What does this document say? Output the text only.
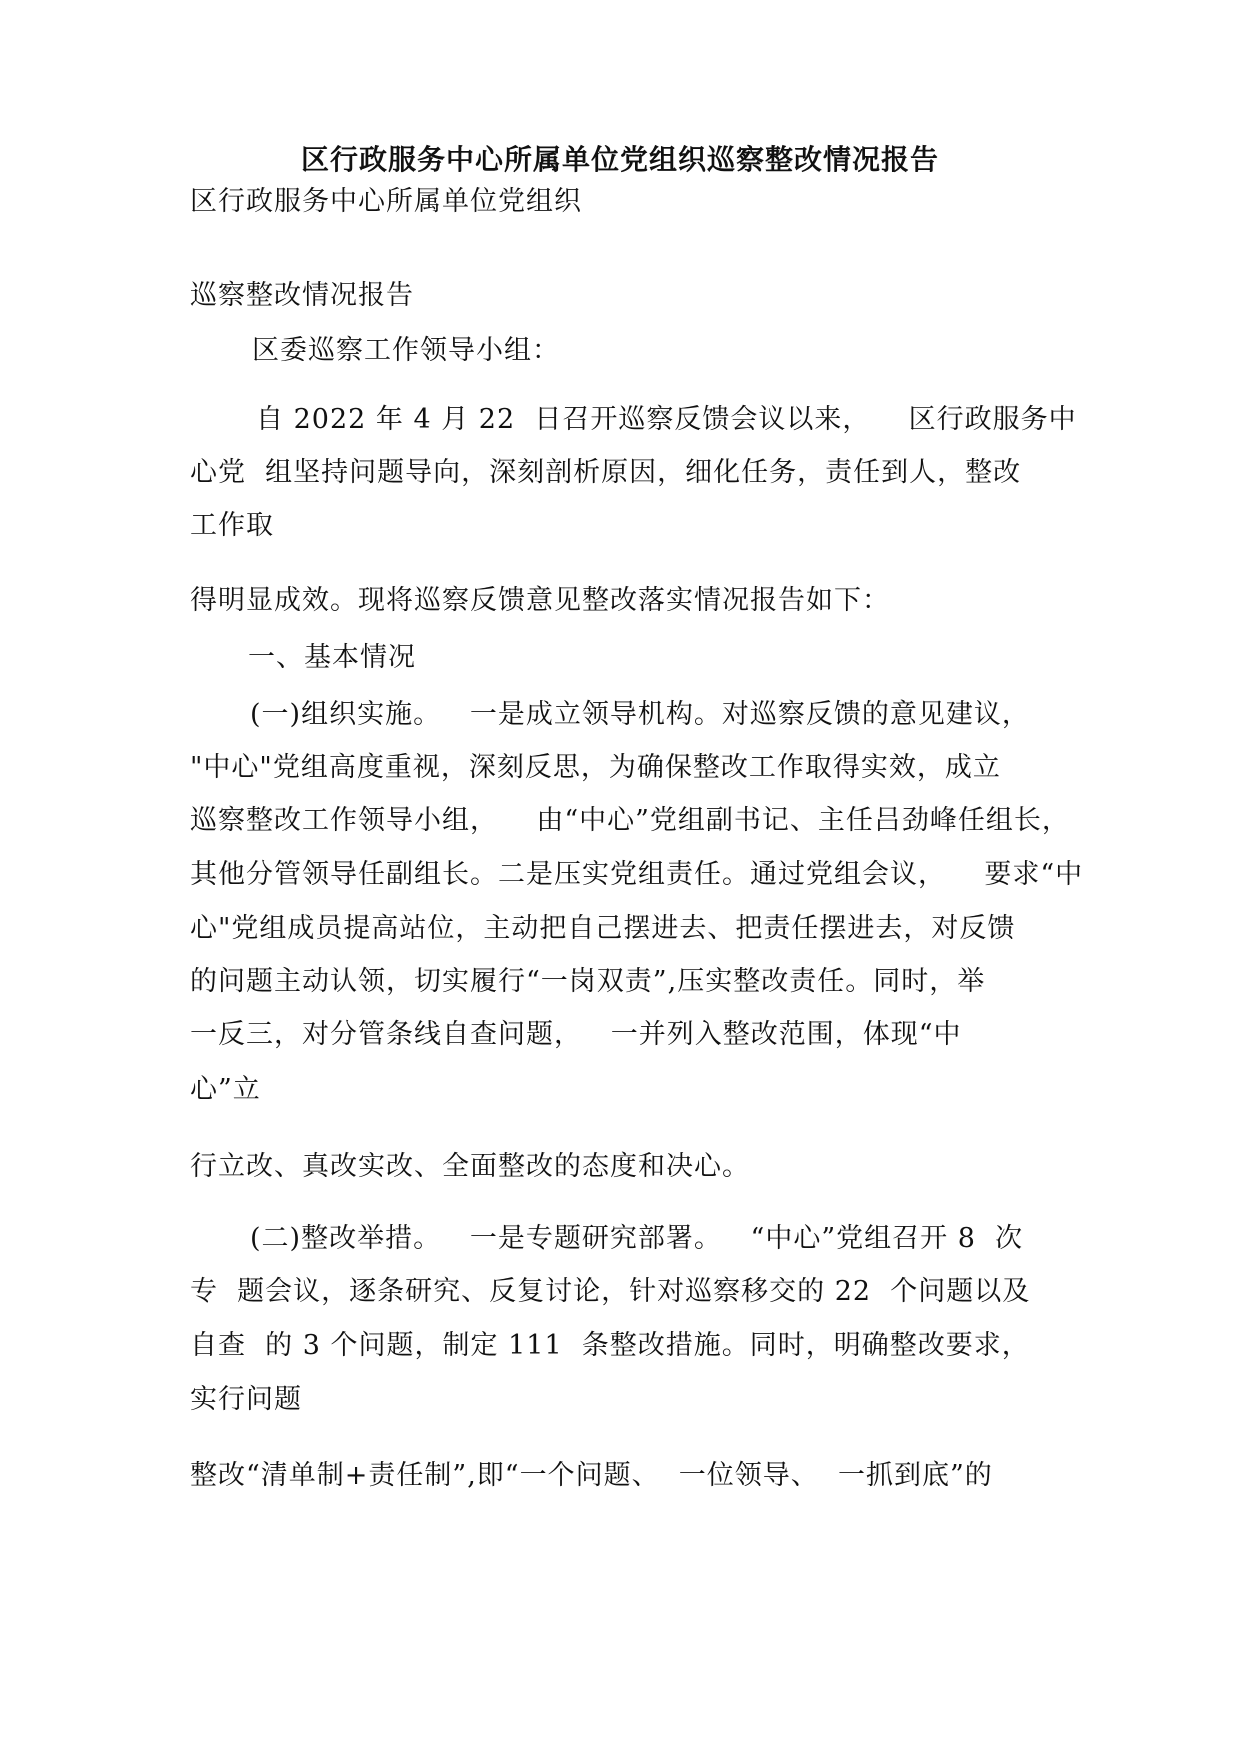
区行政服务中心所属单位党组织巡察整改情况报告
区行政服务中心所属单位党组织
巡察整改情况报告
区委巡察工作领导小组：
自 2022 年 4 月 22  日召开巡察反馈会议以来，    区行政服务中
心党  组坚持问题导向，深刻剖析原因，细化任务，责任到人，整改
工作取
得明显成效。现将巡察反馈意见整改落实情况报告如下：
一、基本情况
(一)组织实施。   一是成立领导机构。对巡察反馈的意见建议，
"中心"党组高度重视，深刻反思，为确保整改工作取得实效，成立
巡察整改工作领导小组，    由“中心”党组副书记、主任吕劲峰任组长，
其他分管领导任副组长。二是压实党组责任。通过党组会议，    要求“中
心"党组成员提高站位，主动把自己摆进去、把责任摆进去，对反馈
的问题主动认领，切实履行“一岗双责”,压实整改责任。同时，举
一反三，对分管条线自查问题，   一并列入整改范围，体现“中
心”立
行立改、真改实改、全面整改的态度和决心。
(二)整改举措。   一是专题研究部署。   “中心”党组召开 8  次
专  题会议，逐条研究、反复讨论，针对巡察移交的 22  个问题以及
自查  的 3 个问题，制定 111  条整改措施。同时，明确整改要求，
实行问题
整改“清单制+责任制”,即“一个问题、  一位领导、  一抓到底”的
